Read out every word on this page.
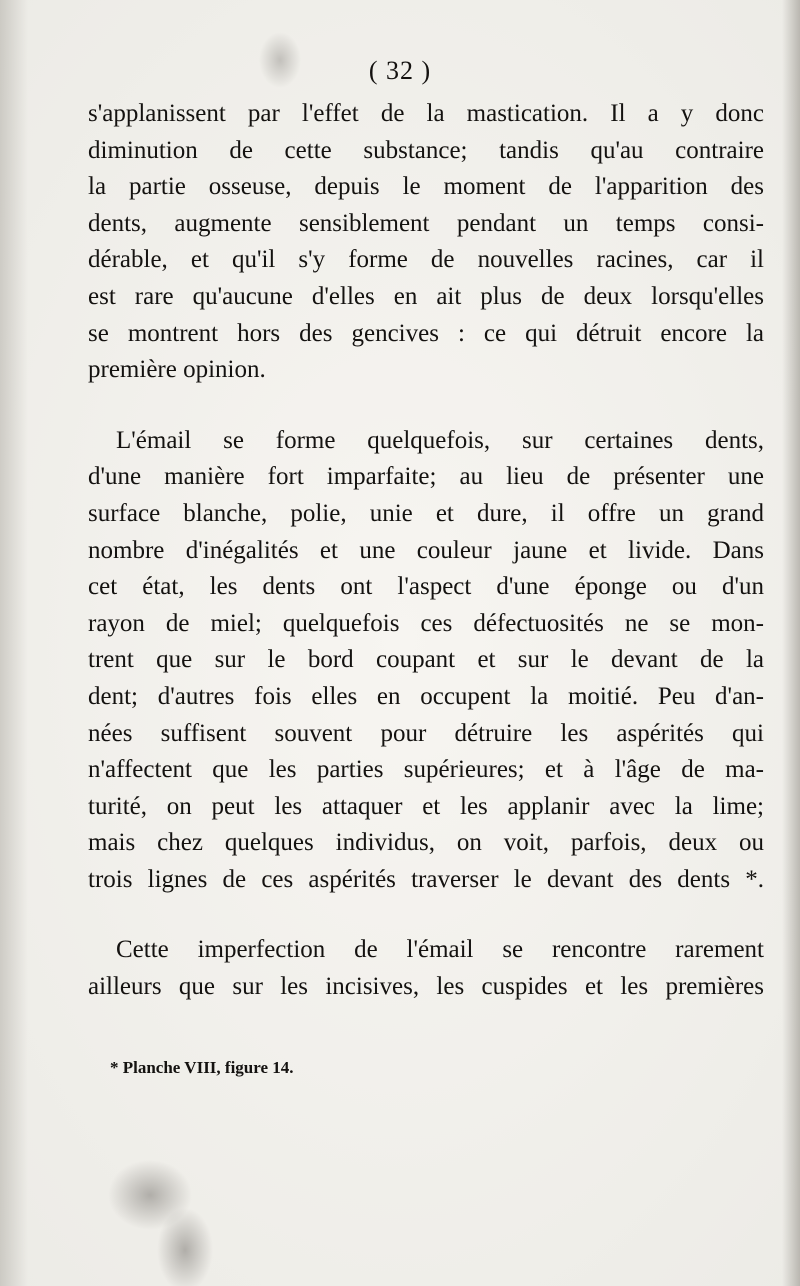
( 32 )
s'applanissent par l'effet de la mastication. Il a y donc
diminution de cette substance; tandis qu'au contraire
la partie osseuse, depuis le moment de l'apparition des
dents, augmente sensiblement pendant un temps consi-
dérable, et qu'il s'y forme de nouvelles racines, car il
est rare qu'aucune d'elles en ait plus de deux lorsqu'elles
se montrent hors des gencives : ce qui détruit encore la
première opinion.
L'émail se forme quelquefois, sur certaines dents,
d'une manière fort imparfaite; au lieu de présenter une
surface blanche, polie, unie et dure, il offre un grand
nombre d'inégalités et une couleur jaune et livide. Dans
cet état, les dents ont l'aspect d'une éponge ou d'un
rayon de miel; quelquefois ces défectuosités ne se mon-
trent que sur le bord coupant et sur le devant de la
dent; d'autres fois elles en occupent la moitié. Peu d'an-
nées suffisent souvent pour détruire les aspérités qui
n'affectent que les parties supérieures; et à l'âge de ma-
turité, on peut les attaquer et les applanir avec la lime;
mais chez quelques individus, on voit, parfois, deux ou
trois lignes de ces aspérités traverser le devant des dents *.
Cette imperfection de l'émail se rencontre rarement
ailleurs que sur les incisives, les cuspides et les premières
* Planche VIII, figure 14.
